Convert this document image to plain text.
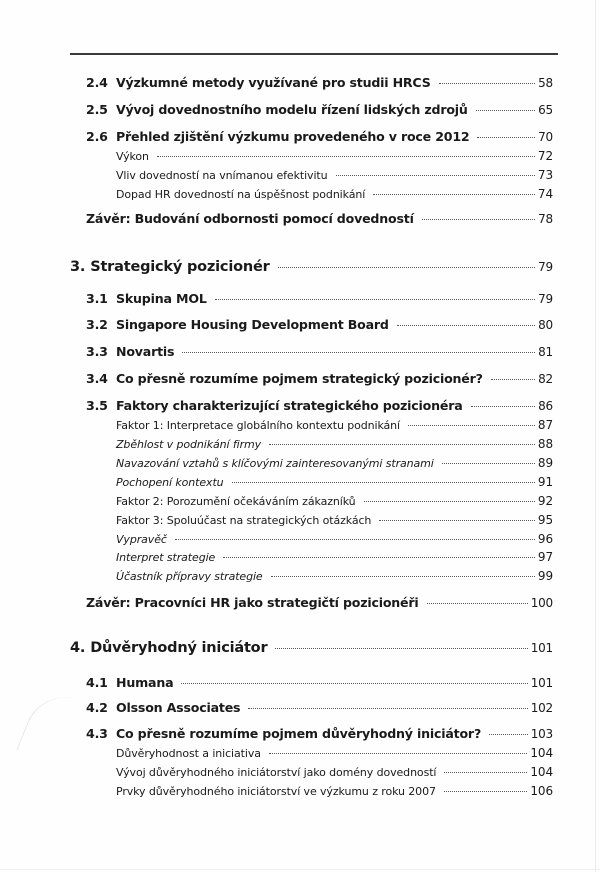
2.4 Výzkumné metody využívané pro studii HRCS	58
2.5 Vývoj dovednostního modelu řízení lidských zdrojů	65
2.6 Přehled zjištění výzkumu provedeného v roce 2012	70
Výkon	72
Vliv dovedností na vnímanou efektivitu	73
Dopad HR dovedností na úspěšnost podnikání	74
Závěr: Budování odbornosti pomocí dovedností	78
3. Strategický pozicionér	79
3.1 Skupina MOL	79
3.2 Singapore Housing Development Board	80
3.3 Novartis	81
3.4 Co přesně rozumíme pojmem strategický pozicionér?	82
3.5 Faktory charakterizující strategického pozicionéra	86
Faktor 1: Interpretace globálního kontextu podnikání	87
Zběhlost v podnikání firmy	88
Navazování vztahů s klíčovými zainteresovanými stranami	89
Pochopení kontextu	91
Faktor 2: Porozumění očekáváním zákazníků	92
Faktor 3: Spoluúčast na strategických otázkách	95
Vypravěč	96
Interpret strategie	97
Účastník přípravy strategie	99
Závěr: Pracovníci HR jako strategičtí pozicionéři	100
4. Důvěryhodný iniciátor	101
4.1 Humana	101
4.2 Olsson Associates	102
4.3 Co přesně rozumíme pojmem důvěryhodný iniciátor?	103
Důvěryhodnost a iniciativa	104
Vývoj důvěryhodného iniciátorství jako domény dovedností	104
Prvky důvěryhodného iniciátorství ve výzkumu z roku 2007	106
